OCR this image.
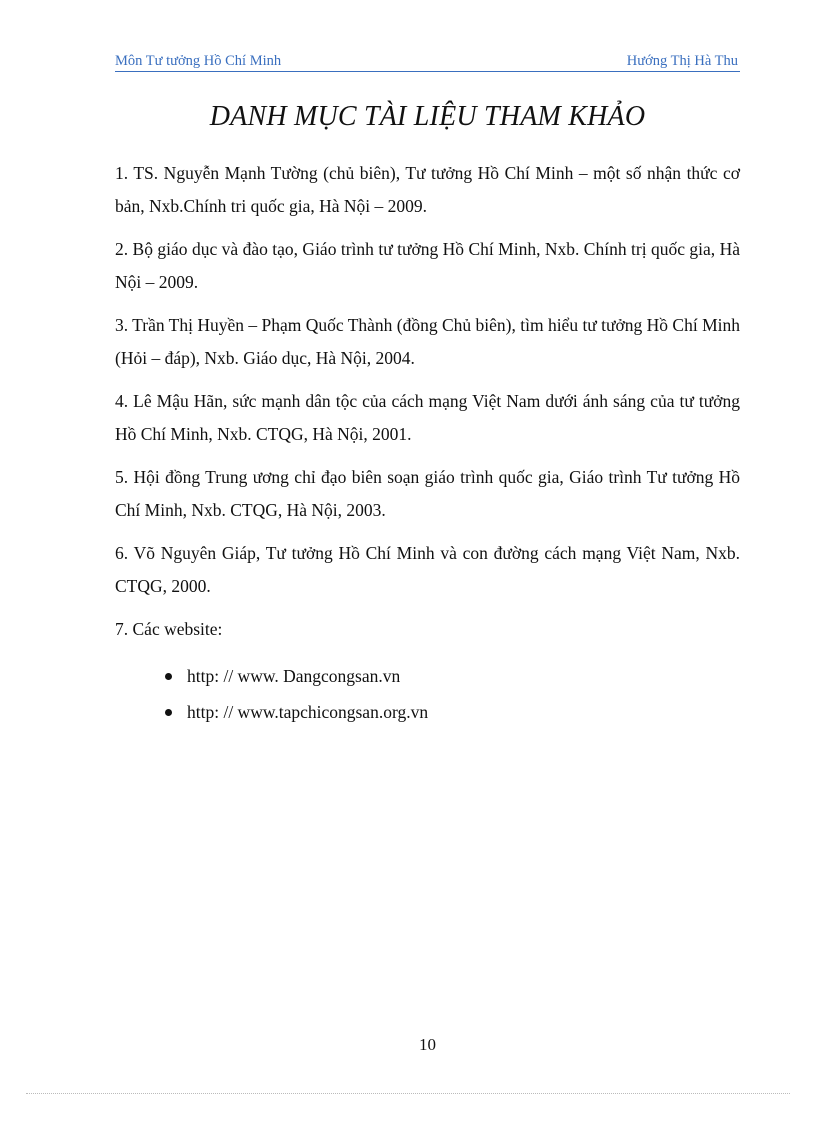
Môn Tư tưởng Hồ Chí Minh	Hướng Thị Hà Thu
DANH MỤC TÀI LIỆU THAM KHẢO

1. TS. Nguyễn Mạnh Tường (chủ biên), Tư tưởng Hồ Chí Minh – một số nhận thức cơ bản, Nxb.Chính tri quốc gia, Hà Nội – 2009.

2. Bộ giáo dục và đào tạo, Giáo trình tư tưởng Hồ Chí Minh, Nxb. Chính trị quốc gia, Hà Nội – 2009.

3. Trần Thị Huyền – Phạm Quốc Thành (đồng Chủ biên), tìm hiểu tư tưởng Hồ Chí Minh (Hỏi – đáp), Nxb. Giáo dục, Hà Nội, 2004.

4. Lê Mậu Hãn, sức mạnh dân tộc của cách mạng Việt Nam dưới ánh sáng của tư tưởng Hồ Chí Minh, Nxb. CTQG, Hà Nội, 2001.

5. Hội đồng Trung ương chỉ đạo biên soạn giáo trình quốc gia, Giáo trình Tư tưởng Hồ Chí Minh, Nxb. CTQG, Hà Nội, 2003.

6. Võ Nguyên Giáp, Tư tưởng Hồ Chí Minh và con đường cách mạng Việt Nam, Nxb. CTQG, 2000.

7. Các website:

http: // www. Dangcongsan.vn
http: // www.tapchicongsan.org.vn
10
